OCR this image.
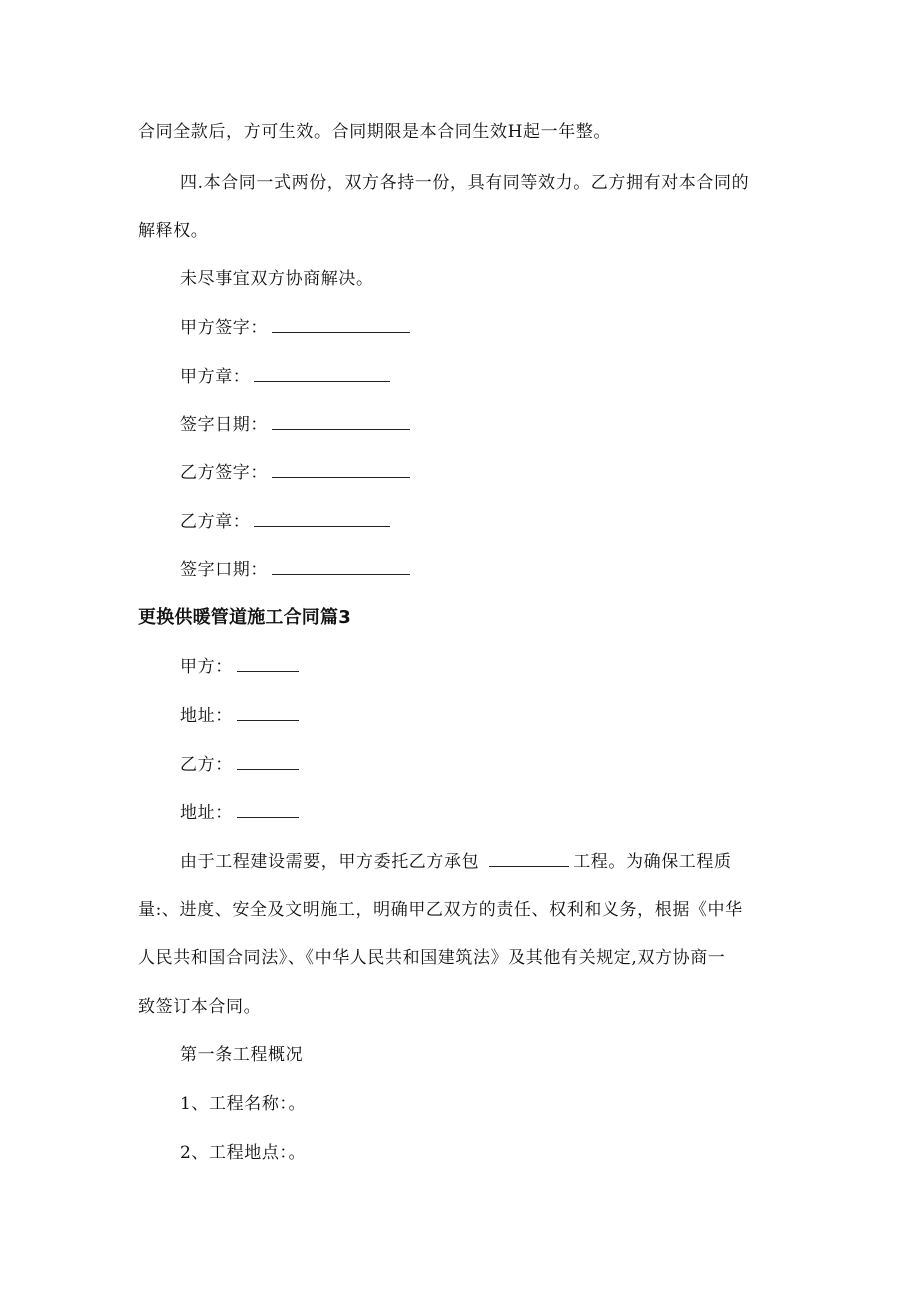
合同全款后，方可生效。合同期限是本合同生效H起一年整。
四.本合同一式两份，双方各持一份，具有同等效力。乙方拥有对本合同的
解释权。
未尽事宜双方协商解决。
甲方签字：
甲方章：
签字日期：
乙方签字：
乙方章：
签字口期：
更换供暖管道施工合同篇3
甲方：
地址：
乙方：
地址：
由于工程建设需要，甲方委托乙方承包	工程。为确保工程质
量:、进度、安全及文明施工，明确甲乙双方的责任、权利和义务，根据《中华
人民共和国合同法》、《中华人民共和国建筑法》及其他有关规定,双方协商一
致签订本合同。
第一条工程概况
1、工程名称：。
2、工程地点：。
